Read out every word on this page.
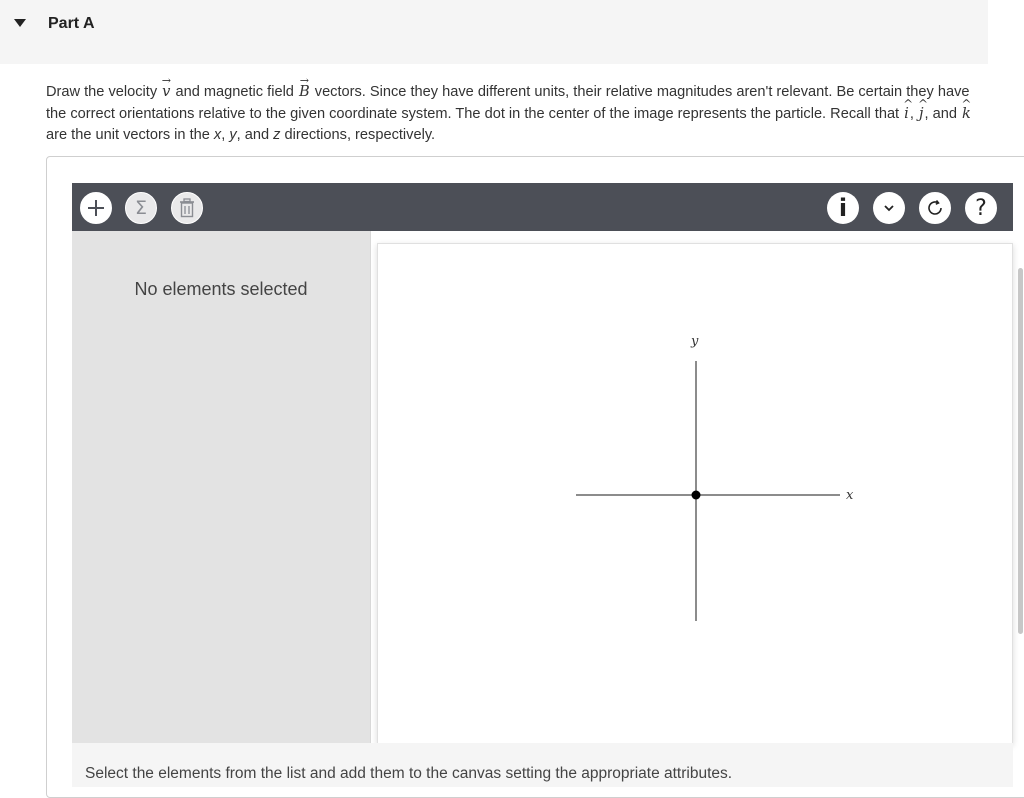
Part A
Draw the velocity → v and magnetic field → B vectors. Since they have different units, their relative magnitudes aren't relevant. Be certain they have the correct orientations relative to the given coordinate system. The dot in the center of the image represents the particle. Recall that ^ i, ^ j, and ^ k are the unit vectors in the x, y, and z directions, respectively.
Σ	i	?
No elements selected
y
x
Select the elements from the list and add them to the canvas setting the appropriate attributes.
